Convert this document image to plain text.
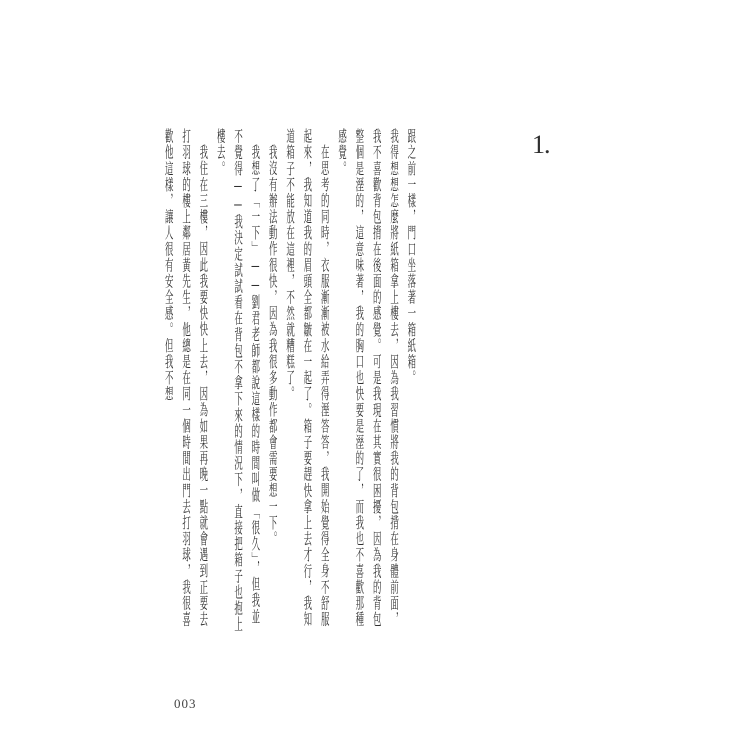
1.

跟之前一樣，門口坐落著一箱紙箱。

我得想想怎麼將紙箱拿上樓去，因為我習慣將我的背包揹在身體前面，我不喜歡背包揹在後面的感覺。可是我現在其實很困擾，因為我的背包整個是溼的，這意味著，我的胸口也快要是溼的了，而我也不喜歡那種感覺。

在思考的同時，衣服漸漸被水給弄得溼答答，我開始覺得全身不舒服起來，我知道我的眉頭全都皺在一起了。箱子要趕快拿上去才行，我知道箱子不能放在這裡，不然就糟糕了。

我沒有辦法動作很快，因為我很多動作都會需要想一下。

我想了「一下」——劉君老師都說這樣的時間叫做「很久」，但我並不覺得——我決定試試看在背包不拿下來的情況下，直接把箱子也抱上樓去。

我住在三樓，因此我要快快上去，因為如果再晚一點就會遇到正要去打羽球的樓上鄰居黃先生，他總是在同一個時間出門去打羽球，我很喜歡他這樣，讓人很有安全感。但我不想

003
